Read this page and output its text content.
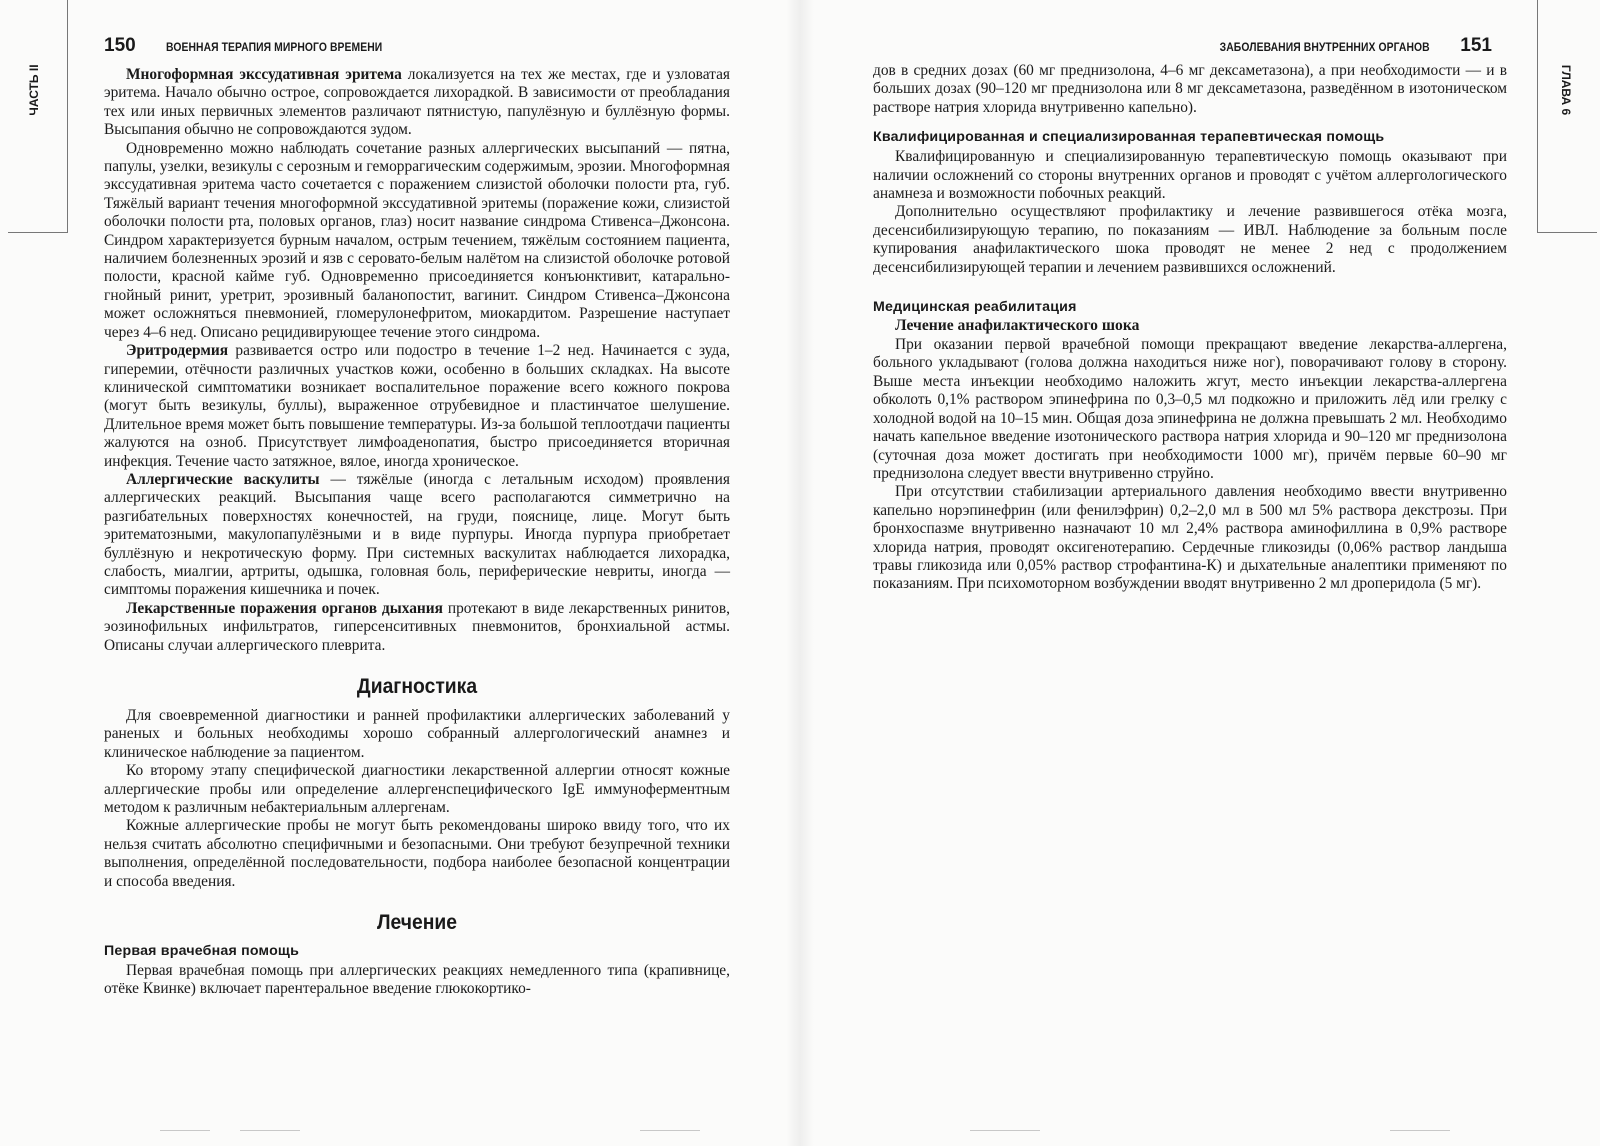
150	ВОЕННАЯ ТЕРАПИЯ МИРНОГО ВРЕМЕНИ
ЧАСТЬ II	Многоформная экссудативная эритема локализуется на тех же местах, где и узловатая эритема. Начало обычно острое, сопровождается лихорадкой. В зависимости от преобладания тех или иных первичных элементов различают пятнистую, папулёзную и буллёзную формы. Высыпания обычно не сопровождаются зудом.

Одновременно можно наблюдать сочетание разных аллергических высыпаний — пятна, папулы, узелки, везикулы с серозным и геморрагическим содержимым, эрозии. Многоформная экссудативная эритема часто сочетается с поражением слизистой оболочки полости рта, губ. Тяжёлый вариант течения многоформной экссудативной эритемы (поражение кожи, слизистой оболочки полости рта, половых органов, глаз) носит название синдрома Стивенса–Джонсона. Синдром характеризуется бурным началом, острым течением, тяжёлым состоянием пациента, наличием болезненных эрозий и язв с серовато-белым налётом на слизистой оболочке ротовой полости, красной кайме губ. Одновременно присоединяется конъюнктивит, катарально-гнойный ринит, уретрит, эрозивный баланопостит, вагинит. Синдром Стивенса–Джонсона может осложняться пневмонией, гломерулонефритом, миокардитом. Разрешение наступает через 4–6 нед. Описано рецидивирующее течение этого синдрома.

Эритродермия развивается остро или подостро в течение 1–2 нед. Начинается с зуда, гиперемии, отёчности различных участков кожи, особенно в больших складках. На высоте клинической симптоматики возникает воспалительное поражение всего кожного покрова (могут быть везикулы, буллы), выраженное отрубевидное и пластинчатое шелушение. Длительное время может быть повышение температуры. Из-за большой теплоотдачи пациенты жалуются на озноб. Присутствует лимфоаденопатия, быстро присоединяется вторичная инфекция. Течение часто затяжное, вялое, иногда хроническое.

Аллергические васкулиты — тяжёлые (иногда с летальным исходом) проявления аллергических реакций. Высыпания чаще всего располагаются симметрично на разгибательных поверхностях конечностей, на груди, пояснице, лице. Могут быть эритематозными, макулопапулёзными и в виде пурпуры. Иногда пурпура приобретает буллёзную и некротическую форму. При системных васкулитах наблюдается лихорадка, слабость, миалгии, артриты, одышка, головная боль, периферические невриты, иногда — симптомы поражения кишечника и почек.

Лекарственные поражения органов дыхания протекают в виде лекарственных ринитов, эозинофильных инфильтратов, гиперсенситивных пневмонитов, бронхиальной астмы. Описаны случаи аллергического плеврита.

Диагностика

Для своевременной диагностики и ранней профилактики аллергических заболеваний у раненых и больных необходимы хорошо собранный аллергологический анамнез и клиническое наблюдение за пациентом.

Ко второму этапу специфической диагностики лекарственной аллергии относят кожные аллергические пробы или определение аллергенспецифического IgE иммуноферментным методом к различным небактериальным аллергенам.

Кожные аллергические пробы не могут быть рекомендованы широко ввиду того, что их нельзя считать абсолютно специфичными и безопасными. Они требуют безупречной техники выполнения, определённой последовательности, подбора наиболее безопасной концентрации и способа введения.

Лечение
Первая врачебная помощь

Первая врачебная помощь при аллергических реакциях немедленного типа (крапивнице, отёке Квинке) включает парентеральное введение глюкокортико-

ЗАБОЛЕВАНИЯ ВНУТРЕННИХ ОРГАНОВ 151
ГЛАВА 6

дов в средних дозах (60 мг преднизолона, 4–6 мг дексаметазона), а при необходимости — и в больших дозах (90–120 мг преднизолона или 8 мг дексаметазона, разведённом в изотоническом растворе натрия хлорида внутривенно капельно).

Квалифицированная и специализированная терапевтическая помощь

Квалифицированную и специализированную терапевтическую помощь оказывают при наличии осложнений со стороны внутренних органов и проводят с учётом аллергологического анамнеза и возможности побочных реакций.

Дополнительно осуществляют профилактику и лечение развившегося отёка мозга, десенсибилизирующую терапию, по показаниям — ИВЛ. Наблюдение за больным после купирования анафилактического шока проводят не менее 2 нед с продолжением десенсибилизирующей терапии и лечением развившихся осложнений.

Медицинская реабилитация
Лечение анафилактического шока

При оказании первой врачебной помощи прекращают введение лекарства-аллергена, больного укладывают (голова должна находиться ниже ног), поворачивают голову в сторону. Выше места инъекции необходимо наложить жгут, место инъекции лекарства-аллергена обколоть 0,1% раствором эпинефрина по 0,3–0,5 мл подкожно и приложить лёд или грелку с холодной водой на 10–15 мин. Общая доза эпинефрина не должна превышать 2 мл. Необходимо начать капельное введение изотонического раствора натрия хлорида и 90–120 мг преднизолона (суточная доза может достигать при необходимости 1000 мг), причём первые 60–90 мг преднизолона следует ввести внутривенно струйно.

При отсутствии стабилизации артериального давления необходимо ввести внутривенно капельно норэпинефрин (или фенилэфрин) 0,2–2,0 мл в 500 мл 5% раствора декстрозы. При бронхоспазме внутривенно назначают 10 мл 2,4% раствора аминофиллина в 0,9% растворе хлорида натрия, проводят оксигенотерапию. Сердечные гликозиды (0,06% раствор ландыша травы гликозида или 0,05% раствор строфантина-К) и дыхательные аналептики применяют по показаниям. При психомоторном возбуждении вводят внутривенно 2 мл дроперидола (5 мг).
